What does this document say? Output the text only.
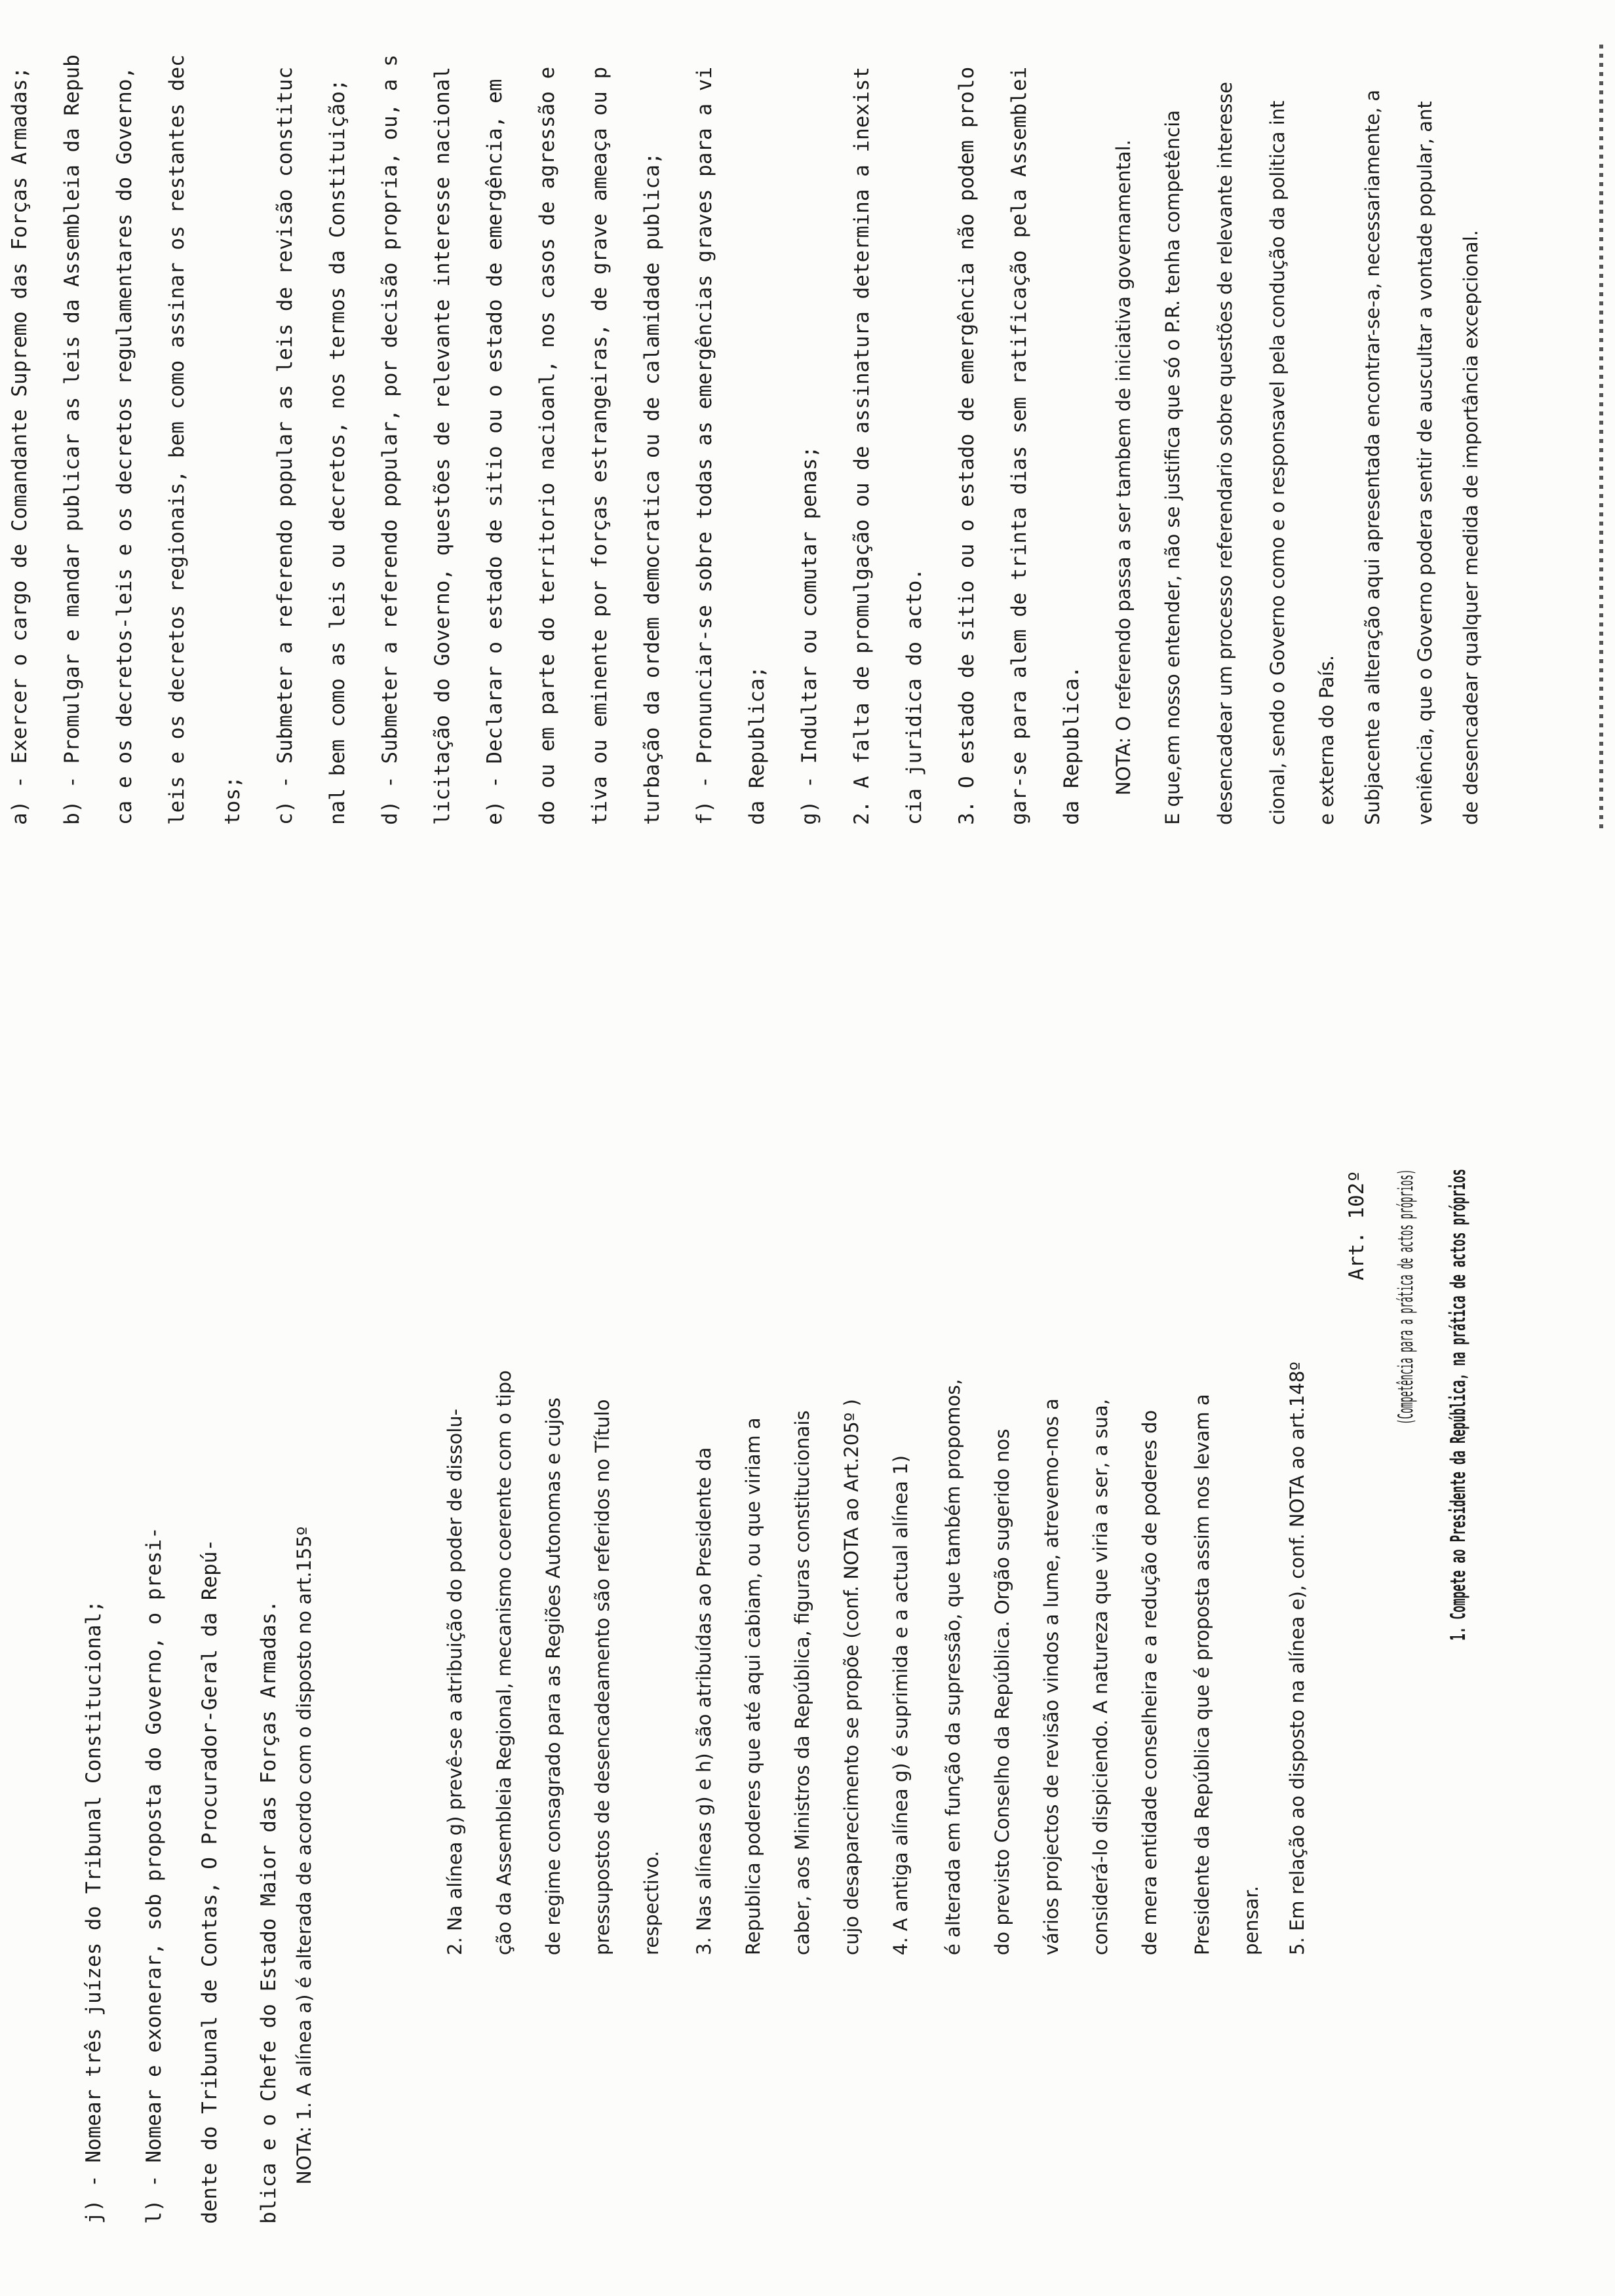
j) - Nomear três juízes do Tribunal Constitucional; l) - Nomear e exonerar, sob proposta do Governo, o presi- dente do Tribunal de Contas, O Procurador-Geral da Repú- blica e o Chefe do Estado Maior das Forças Armadas. NOTA: 1. A alínea a) é alterada de acordo com o disposto no art.155º	2. Na alínea g) prevê-se a atribuição do poder de dissolu- ção da Assembleia Regional, mecanismo coerente com o tipo de regime consagrado para as Regiões Autonomas e cujos pressupostos de desencadeamento são referidos no Título respectivo. 3. Nas alíneas g) e h) são atribuídas ao Presidente da Republica poderes que até aqui cabiam, ou que viriam a caber, aos Ministros da República, figuras constitucionais cujo desaparecimento se propõe (conf. NOTA ao Art.205º ) 4. A antiga alínea g) é suprimida e a actual alínea 1) é alterada em função da supressão, que também propomos, do previsto Conselho da República. Orgão sugerido nos vários projectos de revisão vindos a lume, atrevemo-nos a considerá-lo dispiciendo. A natureza que viria a ser, a sua, de mera entidade conselheira e a redução de poderes do Presidente da República que é proposta assim nos levam a pensar. 5. Em relação ao disposto na alínea e), conf. NOTA ao art.148º
Art. 102º (Competência para a prática de actos próprios) 1. Compete ao Presidente da República, na prática de actos próprios
a) - Exercer o cargo de Comandante Supremo das Forças Armadas; b) - Promulgar e mandar publicar as leis da Assembleia da Repub ca e os decretos-leis e os decretos regulamentares do Governo, leis e os decretos regionais, bem como assinar os restantes dec tos; c) - Submeter a referendo popular as leis de revisão constituc nal bem como as leis ou decretos, nos termos da Constituição; d) - Submeter a referendo popular, por decisão propria, ou, a s licitação do Governo, questões de relevante interesse nacional e) - Declarar o estado de sitio ou o estado de emergência, em do ou em parte do territorio nacioanl, nos casos de agressão e tiva ou eminente por forças estrangeiras, de grave ameaça ou p turbação da ordem democratica ou de calamidade publica; f) - Pronunciar-se sobre todas as emergências graves para a vi da Republica; g) - Indultar ou comutar penas; 2. A falta de promulgação ou de assinatura determina a inexist cia juridica do acto. 3. O estado de sitio ou o estado de emergência não podem prolo gar-se para alem de trinta dias sem ratificação pela Assemblei da Republica. NOTA: O referendo passa a ser tambem de iniciativa governamental. E que,em nosso entender, não se justifica que só o P.R. tenha competência desencadear um processo referendario sobre questões de relevante interesse cional, sendo o Governo como e o responsavel pela condução da politica int e externa do País. Subjacente a alteração aqui apresentada encontrar-se-a, necessariamente, a veniência, que o Governo podera sentir de auscultar a vontade popular, ant de desencadear qualquer medida de importância excepcional.
